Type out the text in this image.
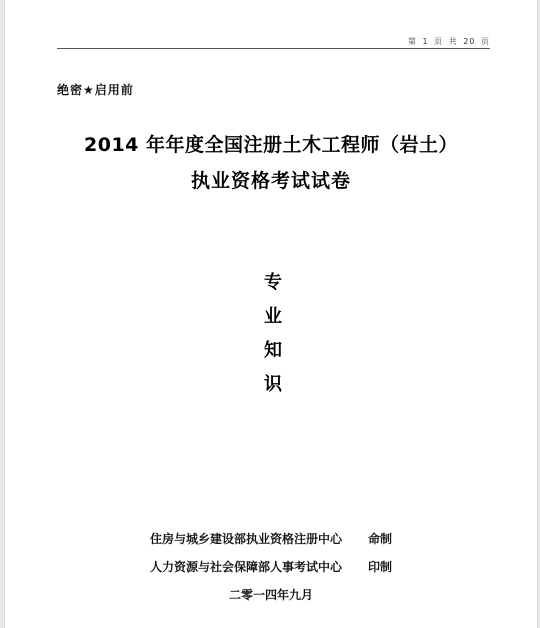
第 1 页 共 20 页
绝密★启用前
2014 年年度全国注册土木工程师（岩土）
执业资格考试试卷
专
业
知
识
住房与城乡建设部执业资格注册中心 命制
人力资源与社会保障部人事考试中心 印制
二零一四年九月
